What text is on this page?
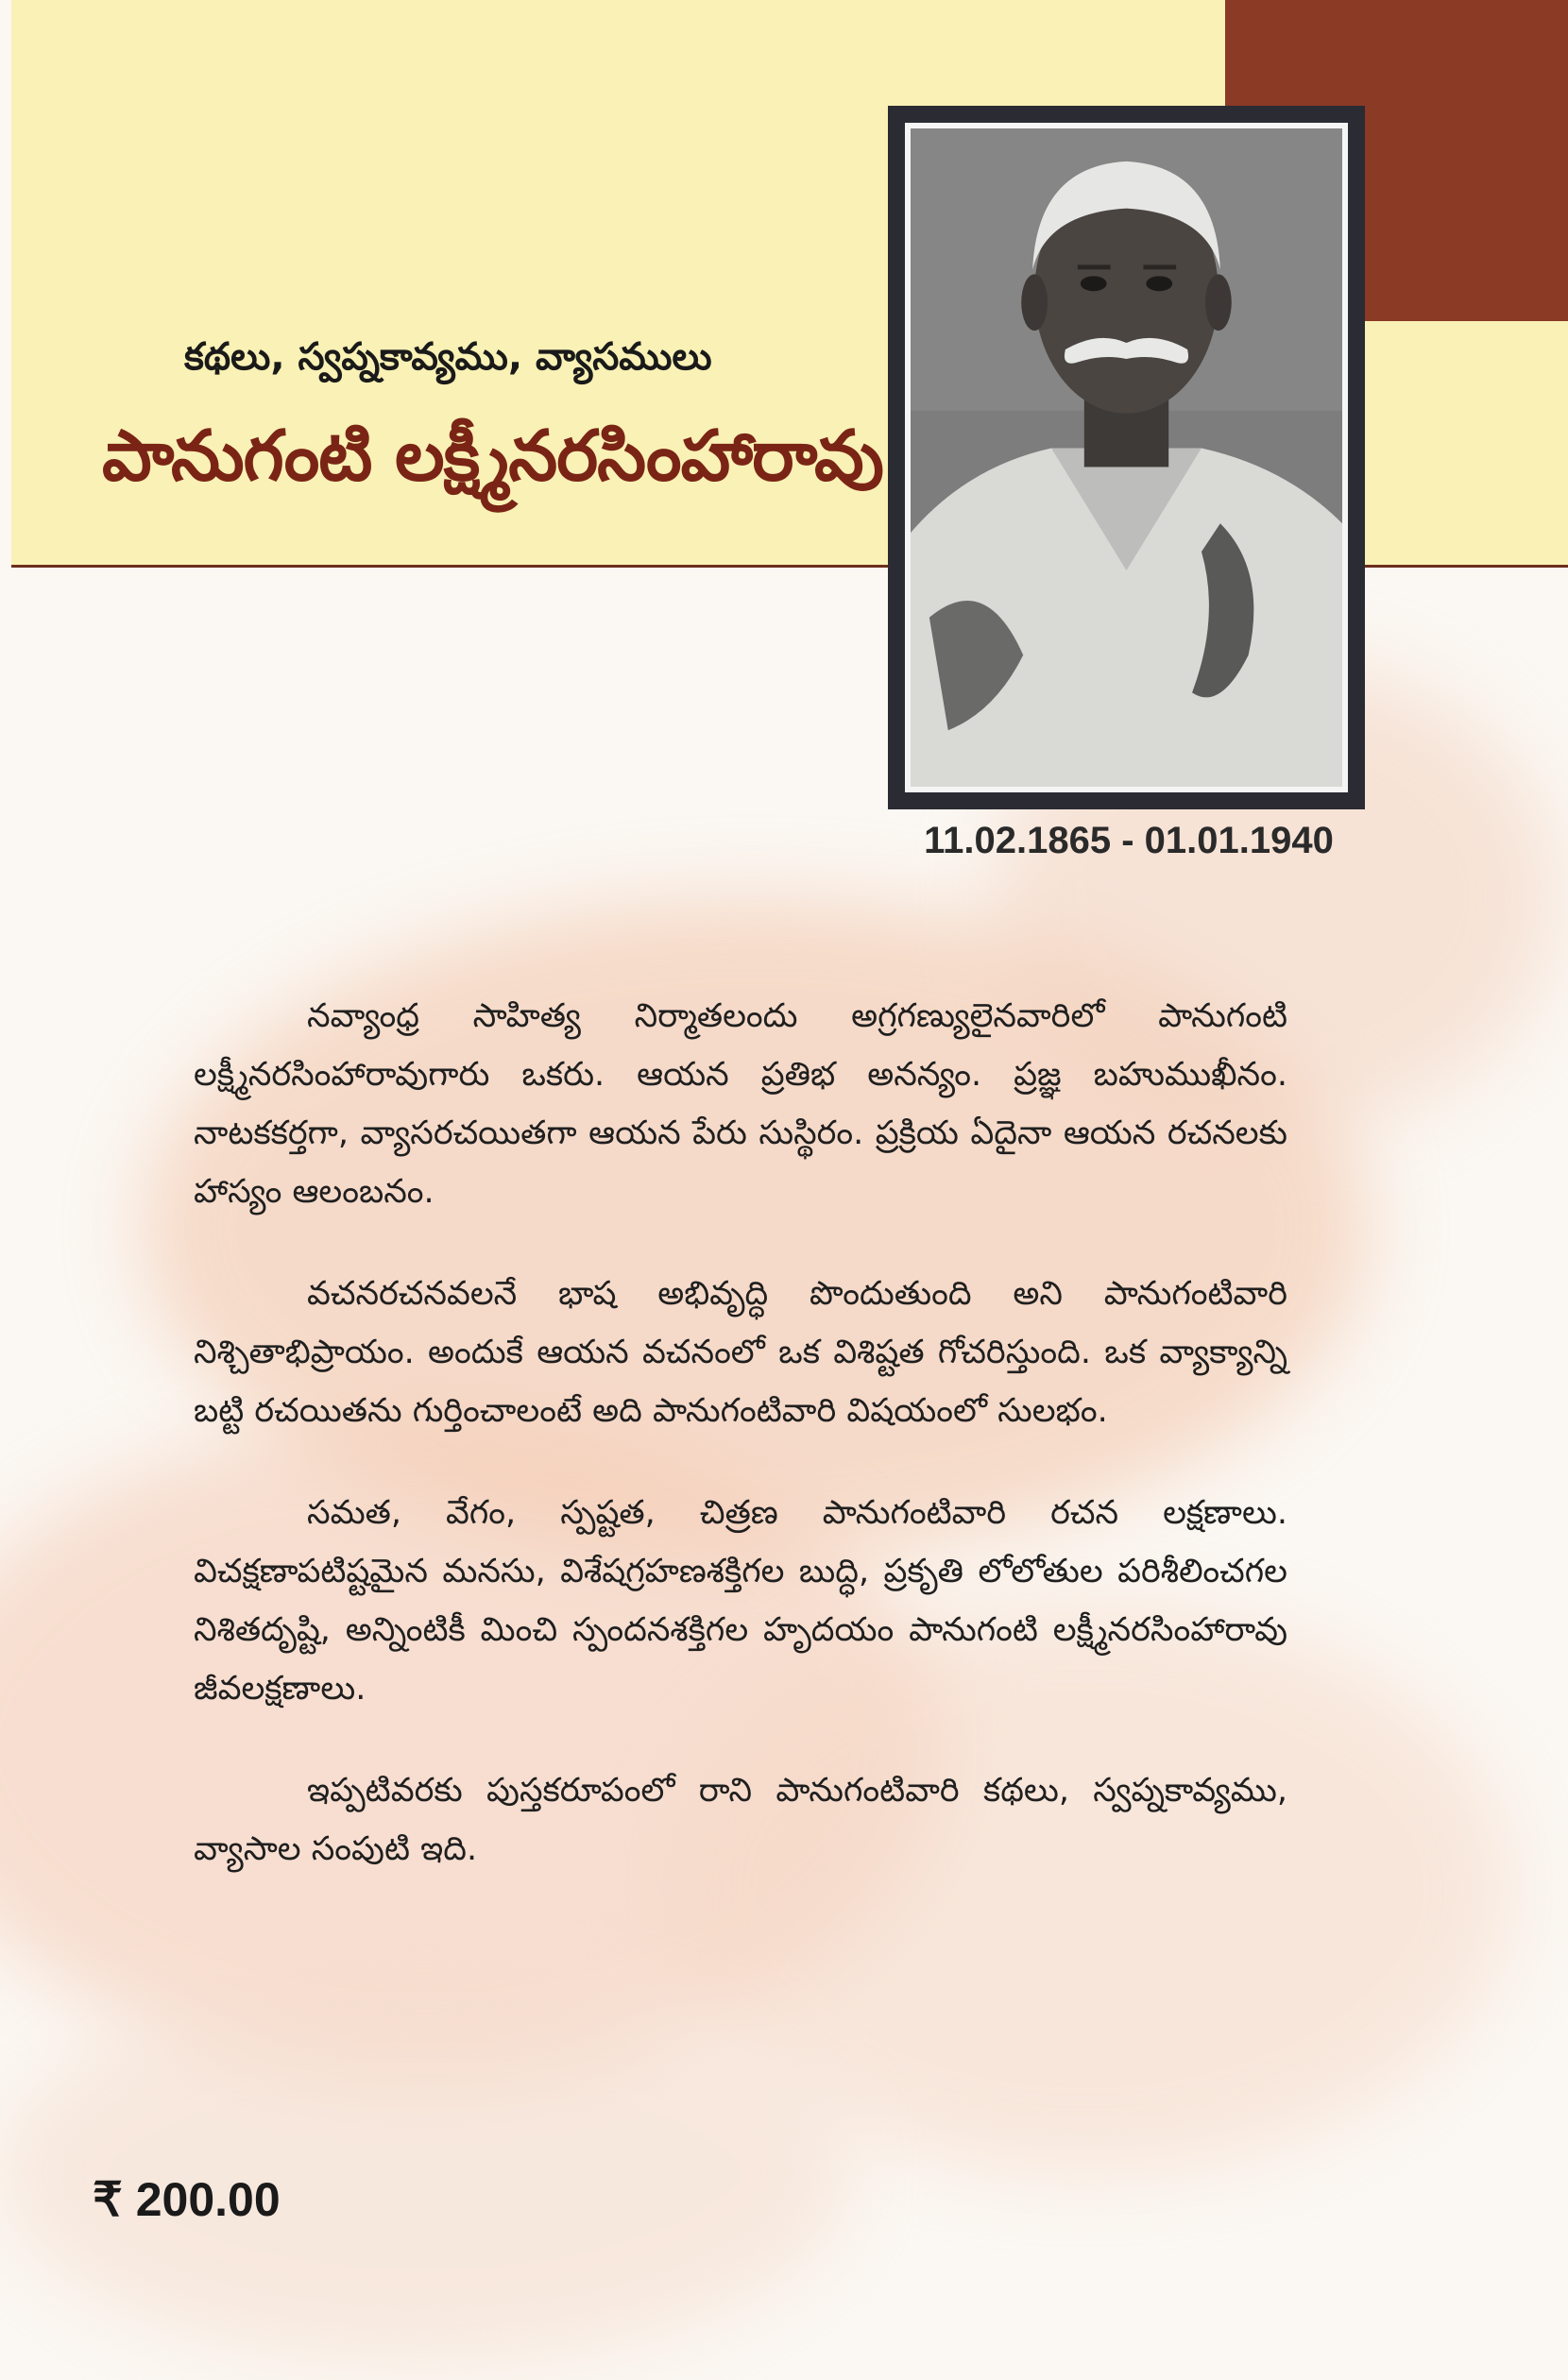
కథలు, స్వప్నకావ్యము, వ్యాసములు
పానుగంటి లక్ష్మీనరసింహారావు
11.02.1865 - 01.01.1940

నవ్యాంధ్ర సాహిత్య నిర్మాతలందు అగ్రగణ్యులైనవారిలో పానుగంటి లక్ష్మీనరసింహారావుగారు ఒకరు. ఆయన ప్రతిభ అనన్యం. ప్రజ్ఞ బహుముఖీనం. నాటకకర్తగా, వ్యాసరచయితగా ఆయన పేరు సుస్థిరం. ప్రక్రియ ఏదైనా ఆయన రచనలకు హాస్యం ఆలంబనం.

వచనరచనవలనే భాష అభివృద్ధి పొందుతుంది అని పానుగంటివారి నిశ్చితాభిప్రాయం. అందుకే ఆయన వచనంలో ఒక విశిష్టత గోచరిస్తుంది. ఒక వ్యాక్యాన్ని బట్టి రచయితను గుర్తించాలంటే అది పానుగంటివారి విషయంలో సులభం.

సమత, వేగం, స్పష్టత, చిత్రణ పానుగంటివారి రచన లక్షణాలు. విచక్షణాపటిష్టమైన మనసు, విశేషగ్రహణశక్తిగల బుద్ధి, ప్రకృతి లోలోతుల పరిశీలించగల నిశితదృష్టి, అన్నింటికీ మించి స్పందనశక్తిగల హృదయం పానుగంటి లక్ష్మీనరసింహారావు జీవలక్షణాలు.

ఇప్పటివరకు పుస్తకరూపంలో రాని పానుగంటివారి కథలు, స్వప్నకావ్యము, వ్యాసాల సంపుటి ఇది.

₹ 200.00
